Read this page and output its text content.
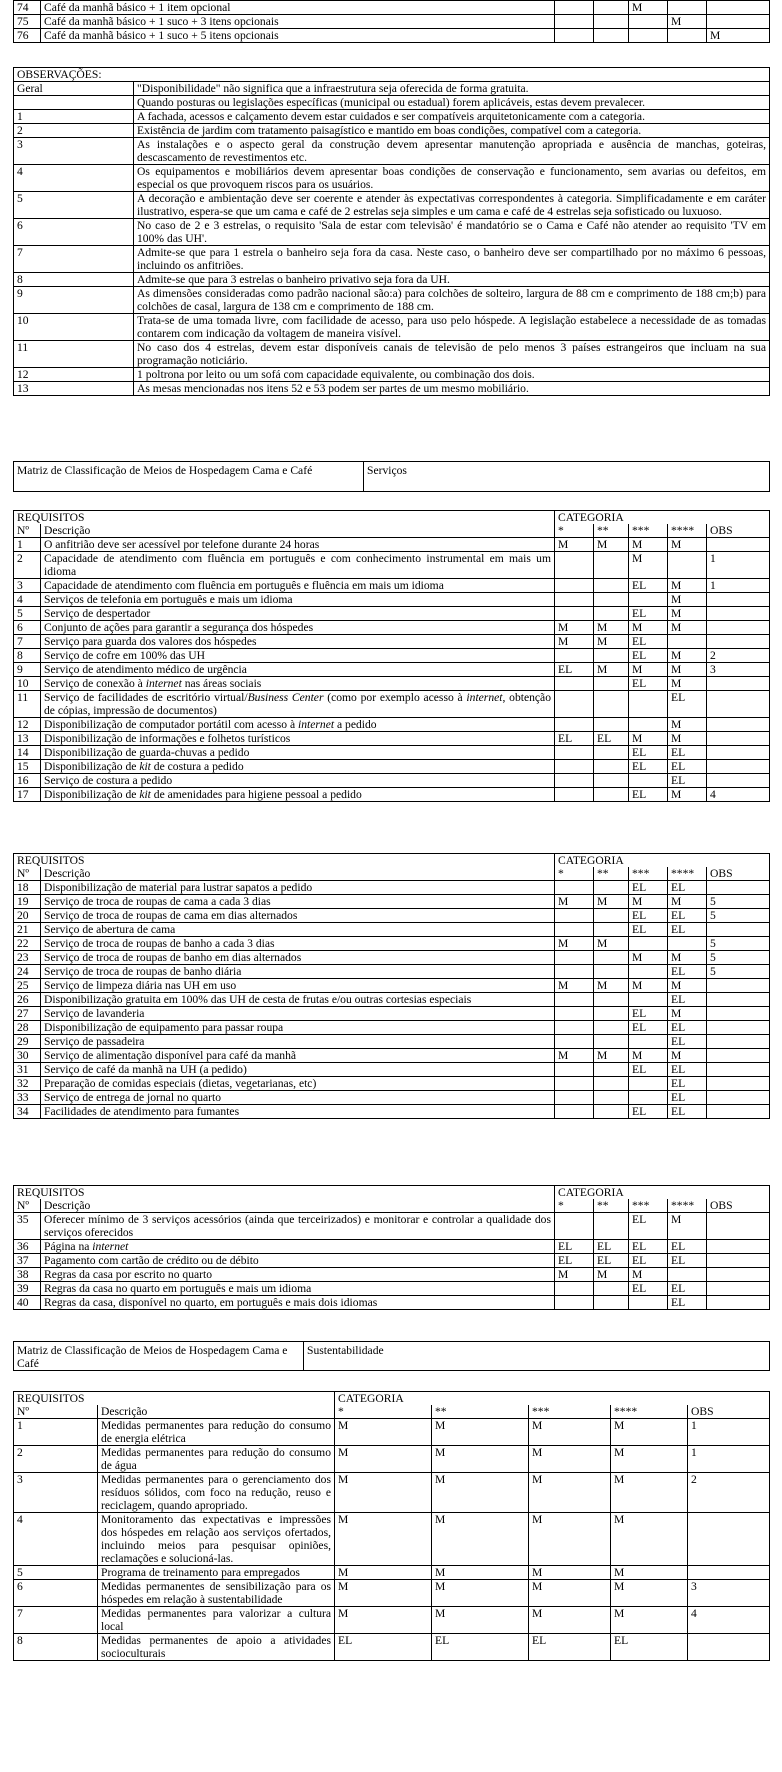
74	Café da manhã básico + 1 item opcional			M		
75	Café da manhã básico + 1 suco + 3 itens opcionais				M	
76	Café da manhã básico + 1 suco + 5 itens opcionais					M
OBSERVAÇÕES:	
Geral	"Disponibilidade" não significa que a infraestrutura seja oferecida de forma gratuita.
	Quando posturas ou legislações específicas (municipal ou estadual) forem aplicáveis, estas devem prevalecer.
1	A fachada, acessos e calçamento devem estar cuidados e ser compatíveis arquitetonicamente com a categoria.
2	Existência de jardim com tratamento paisagístico e mantido em boas condições, compatível com a categoria.
3	As instalações e o aspecto geral da construção devem apresentar manutenção apropriada e ausência de manchas, goteiras, descascamento de revestimentos etc.
4	Os equipamentos e mobiliários devem apresentar boas condições de conservação e funcionamento, sem avarias ou defeitos, em especial os que provoquem riscos para os usuários.
5	A decoração e ambientação deve ser coerente e atender às expectativas correspondentes à categoria. Simplificadamente e em caráter ilustrativo, espera-se que um cama e café de 2 estrelas seja simples e um cama e café de 4 estrelas seja sofisticado ou luxuoso.
6	No caso de 2 e 3 estrelas, o requisito 'Sala de estar com televisão' é mandatório se o Cama e Café não atender ao requisito 'TV em 100% das UH'.
7	Admite-se que para 1 estrela o banheiro seja fora da casa. Neste caso, o banheiro deve ser compartilhado por no máximo 6 pessoas, incluindo os anfitriões.
8	Admite-se que para 3 estrelas o banheiro privativo seja fora da UH.
9	As dimensões consideradas como padrão nacional são:a) para colchões de solteiro, largura de 88 cm e comprimento de 188 cm;b) para colchões de casal, largura de 138 cm e comprimento de 188 cm.
10	Trata-se de uma tomada livre, com facilidade de acesso, para uso pelo hóspede. A legislação estabelece a necessidade de as tomadas contarem com indicação da voltagem de maneira visível.
11	No caso dos 4 estrelas, devem estar disponíveis canais de televisão de pelo menos 3 países estrangeiros que incluam na sua programação noticiário.
12	1 poltrona por leito ou um sofá com capacidade equivalente, ou combinação dos dois.
13	As mesas mencionadas nos itens 52 e 53 podem ser partes de um mesmo mobiliário.
Matriz de Classificação de Meios de Hospedagem Cama e Café	Serviços
REQUISITOS		CATEGORIA				
Nº	Descrição	*	**	***	****	OBS
1	O anfitrião deve ser acessível por telefone durante 24 horas	M	M	M	M	
2	Capacidade de atendimento com fluência em português e com conhecimento instrumental em mais um idioma			M		1
3	Capacidade de atendimento com fluência em português e fluência em mais um idioma			EL	M	1
4	Serviços de telefonia em português e mais um idioma				M	
5	Serviço de despertador			EL	M	
6	Conjunto de ações para garantir a segurança dos hóspedes	M	M	M	M	
7	Serviço para guarda dos valores dos hóspedes	M	M	EL		
8	Serviço de cofre em 100% das UH			EL	M	2
9	Serviço de atendimento médico de urgência	EL	M	M	M	3
10	Serviço de conexão à internet nas áreas sociais			EL	M	
11	Serviço de facilidades de escritório virtual/Business Center (como por exemplo acesso à internet, obtenção de cópias, impressão de documentos)				EL	
12	Disponibilização de computador portátil com acesso à internet a pedido				M	
13	Disponibilização de informações e folhetos turísticos	EL	EL	M	M	
14	Disponibilização de guarda-chuvas a pedido			EL	EL	
15	Disponibilização de kit de costura a pedido			EL	EL	
16	Serviço de costura a pedido				EL	
17	Disponibilização de kit de amenidades para higiene pessoal a pedido			EL	M	4
REQUISITOS		CATEGORIA				
Nº	Descrição	*	**	***	****	OBS
18	Disponibilização de material para lustrar sapatos a pedido			EL	EL	
19	Serviço de troca de roupas de cama a cada 3 dias	M	M	M	M	5
20	Serviço de troca de roupas de cama em dias alternados			EL	EL	5
21	Serviço de abertura de cama			EL	EL	
22	Serviço de troca de roupas de banho a cada 3 dias	M	M			5
23	Serviço de troca de roupas de banho em dias alternados			M	M	5
24	Serviço de troca de roupas de banho diária				EL	5
25	Serviço de limpeza diária nas UH em uso	M	M	M	M	
26	Disponibilização gratuita em 100% das UH de cesta de frutas e/ou outras cortesias especiais				EL	
27	Serviço de lavanderia			EL	M	
28	Disponibilização de equipamento para passar roupa			EL	EL	
29	Serviço de passadeira				EL	
30	Serviço de alimentação disponível para café da manhã	M	M	M	M	
31	Serviço de café da manhã na UH (a pedido)			EL	EL	
32	Preparação de comidas especiais (dietas, vegetarianas, etc)				EL	
33	Serviço de entrega de jornal no quarto				EL	
34	Facilidades de atendimento para fumantes			EL	EL	
REQUISITOS		CATEGORIA				
Nº	Descrição	*	**	***	****	OBS
35	Oferecer mínimo de 3 serviços acessórios (ainda que terceirizados) e monitorar e controlar a qualidade dos serviços oferecidos			EL	M	
36	Página na internet	EL	EL	EL	EL	
37	Pagamento com cartão de crédito ou de débito	EL	EL	EL	EL	
38	Regras da casa por escrito no quarto	M	M	M		
39	Regras da casa no quarto em português e mais um idioma			EL	EL	
40	Regras da casa, disponível no quarto, em português e mais dois idiomas				EL	
Matriz de Classificação de Meios de Hospedagem Cama e Café	Sustentabilidade
REQUISITOS		CATEGORIA				
Nº	Descrição	*	**	***	****	OBS
1	Medidas permanentes para redução do consumo de energia elétrica	M	M	M	M	1
2	Medidas permanentes para redução do consumo de água	M	M	M	M	1
3	Medidas permanentes para o gerenciamento dos resíduos sólidos, com foco na redução, reuso e reciclagem, quando apropriado.	M	M	M	M	2
4	Monitoramento das expectativas e impressões dos hóspedes em relação aos serviços ofertados, incluindo meios para pesquisar opiniões, reclamações e solucioná-las.	M	M	M	M	
5	Programa de treinamento para empregados	M	M	M	M	
6	Medidas permanentes de sensibilização para os hóspedes em relação à sustentabilidade	M	M	M	M	3
7	Medidas permanentes para valorizar a cultura local	M	M	M	M	4
8	Medidas permanentes de apoio a atividades socioculturais	EL	EL	EL	EL	
